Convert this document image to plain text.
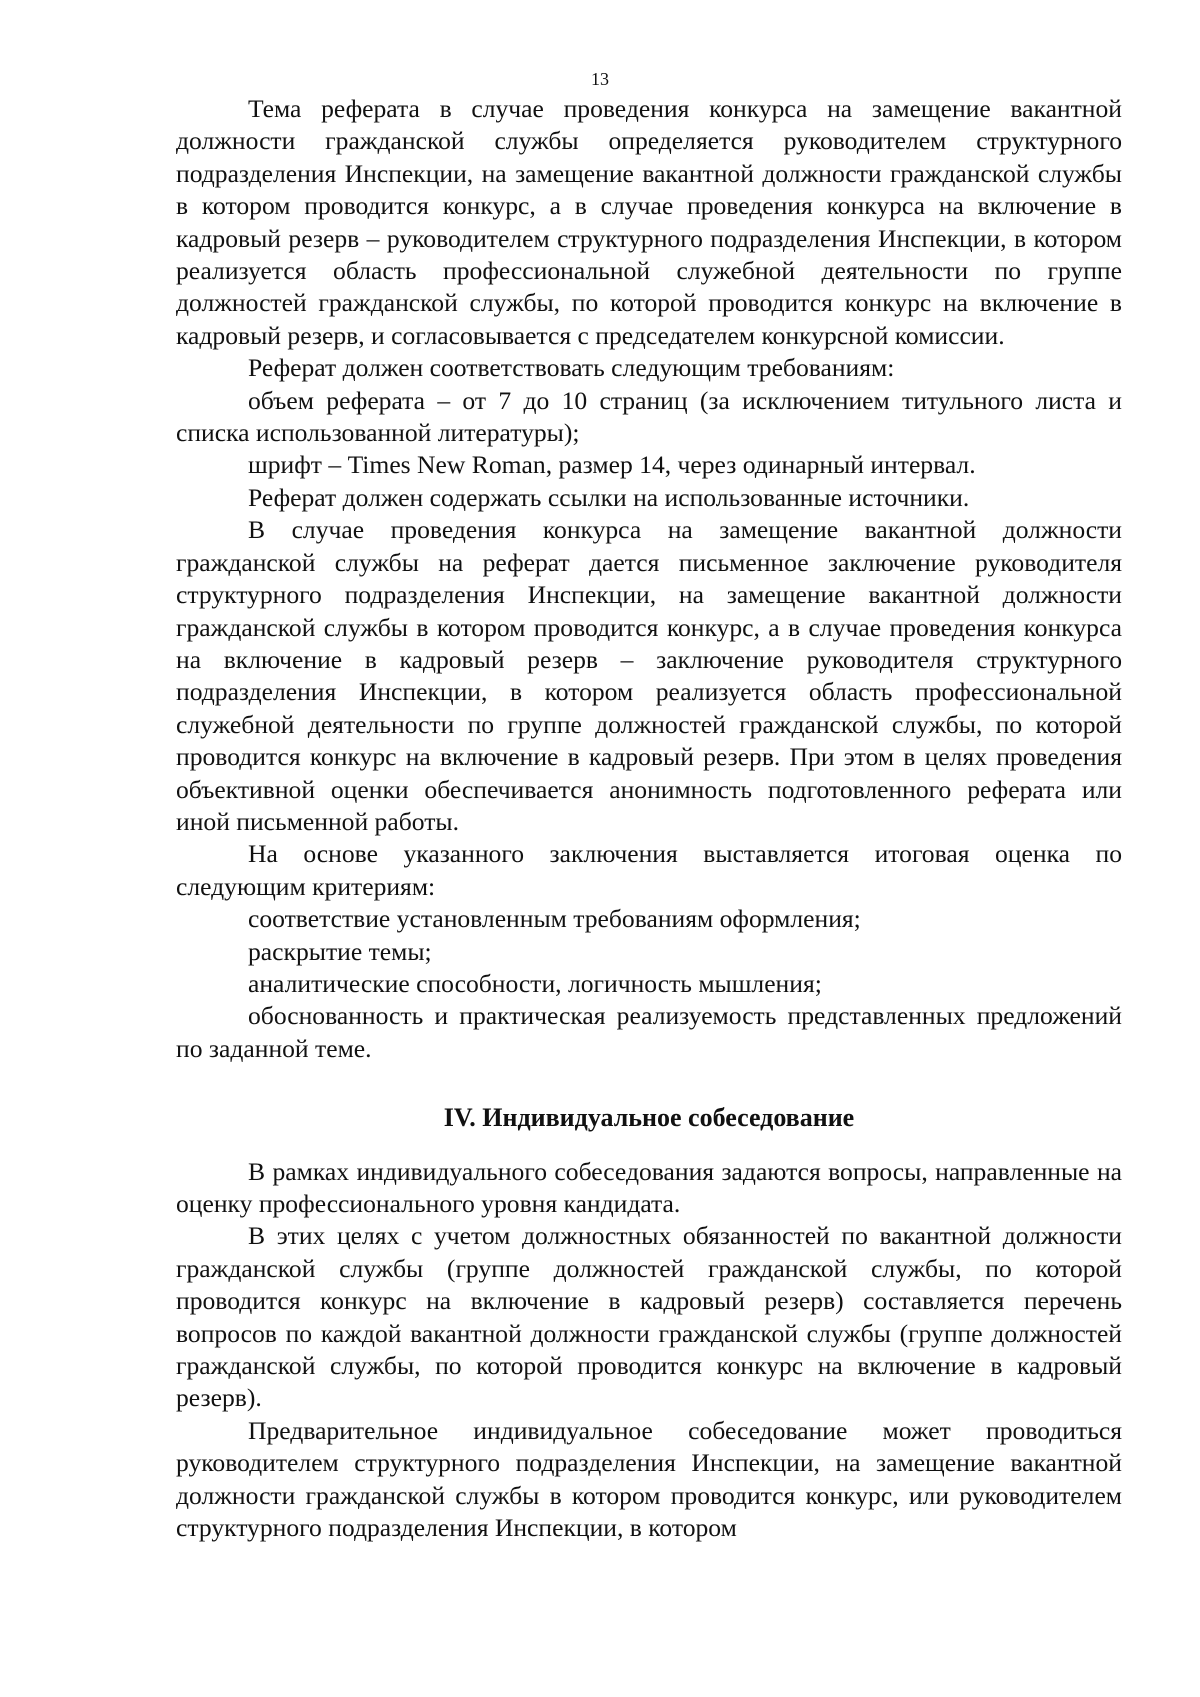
13

Тема реферата в случае проведения конкурса на замещение вакантной должности гражданской службы определяется руководителем структурного подразделения Инспекции, на замещение вакантной должности гражданской службы в котором проводится конкурс, а в случае проведения конкурса на включение в кадровый резерв – руководителем структурного подразделения Инспекции, в котором реализуется область профессиональной служебной деятельности по группе должностей гражданской службы, по которой проводится конкурс на включение в кадровый резерв, и согласовывается с председателем конкурсной комиссии.

Реферат должен соответствовать следующим требованиям:

объем реферата – от 7 до 10 страниц (за исключением титульного листа и списка использованной литературы);

шрифт – Times New Roman, размер 14, через одинарный интервал.

Реферат должен содержать ссылки на использованные источники.

В случае проведения конкурса на замещение вакантной должности гражданской службы на реферат дается письменное заключение руководителя структурного подразделения Инспекции, на замещение вакантной должности гражданской службы в котором проводится конкурс, а в случае проведения конкурса на включение в кадровый резерв – заключение руководителя структурного подразделения Инспекции, в котором реализуется область профессиональной служебной деятельности по группе должностей гражданской службы, по которой проводится конкурс на включение в кадровый резерв. При этом в целях проведения объективной оценки обеспечивается анонимность подготовленного реферата или иной письменной работы.

На основе указанного заключения выставляется итоговая оценка по следующим критериям:

соответствие установленным требованиям оформления;

раскрытие темы;

аналитические способности, логичность мышления;

обоснованность и практическая реализуемость представленных предложений по заданной теме.

IV. Индивидуальное собеседование

В рамках индивидуального собеседования задаются вопросы, направленные на оценку профессионального уровня кандидата.

В этих целях с учетом должностных обязанностей по вакантной должности гражданской службы (группе должностей гражданской службы, по которой проводится конкурс на включение в кадровый резерв) составляется перечень вопросов по каждой вакантной должности гражданской службы (группе должностей гражданской службы, по которой проводится конкурс на включение в кадровый резерв).

Предварительное индивидуальное собеседование может проводиться руководителем структурного подразделения Инспекции, на замещение вакантной должности гражданской службы в котором проводится конкурс, или руководителем структурного подразделения Инспекции, в котором
